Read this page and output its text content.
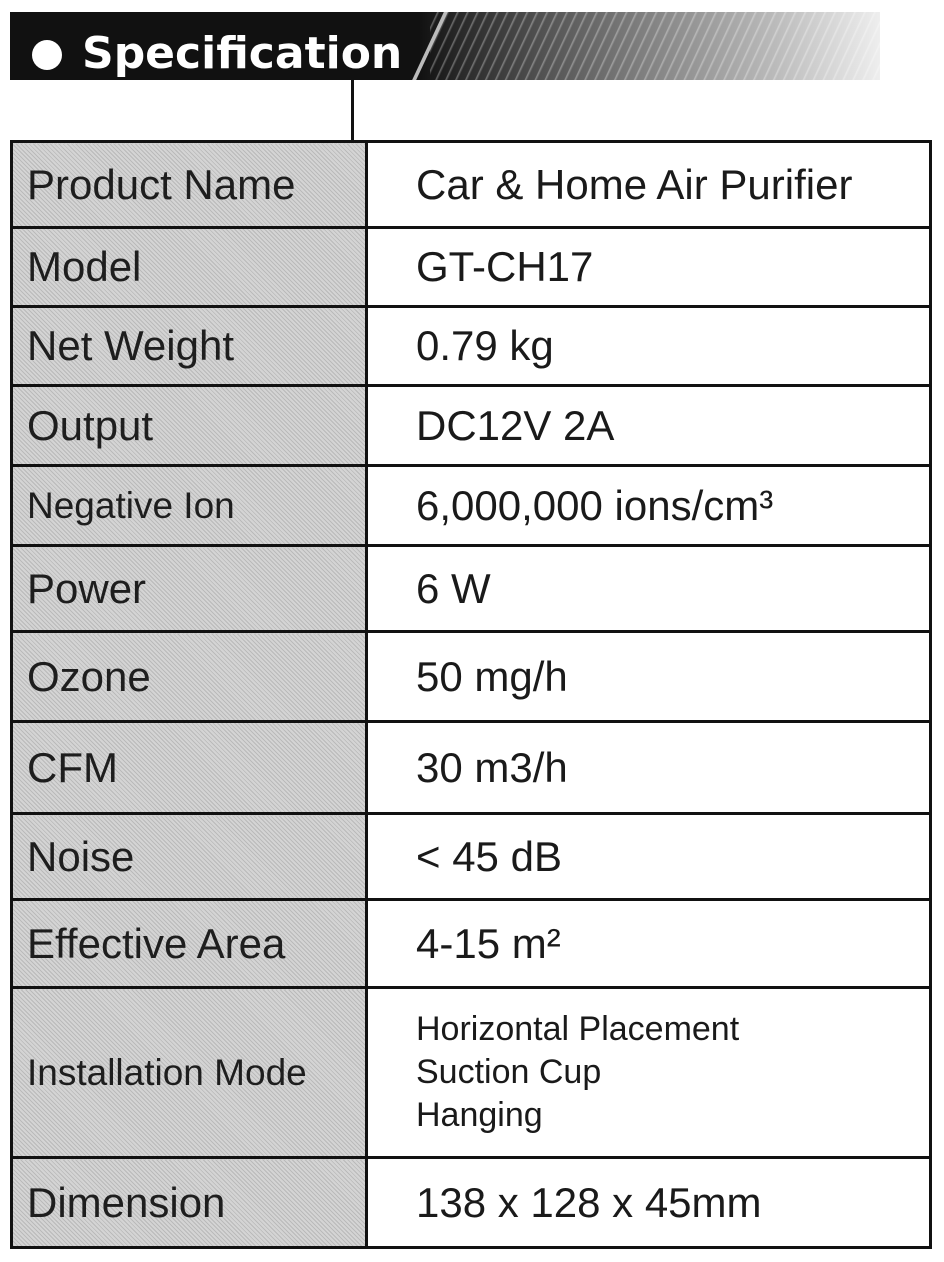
Specification
Product Name	Car & Home Air Purifier
Model	GT-CH17
Net Weight	0.79 kg
Output	DC12V 2A
Negative Ion	6,000,000 ions/cm³
Power	6 W
Ozone	50 mg/h
CFM	30 m3/h
Noise	< 45 dB
Effective Area	4-15 m²
Installation Mode	Horizontal Placement
Suction Cup
Hanging

Dimension	138 x 128 x 45mm
